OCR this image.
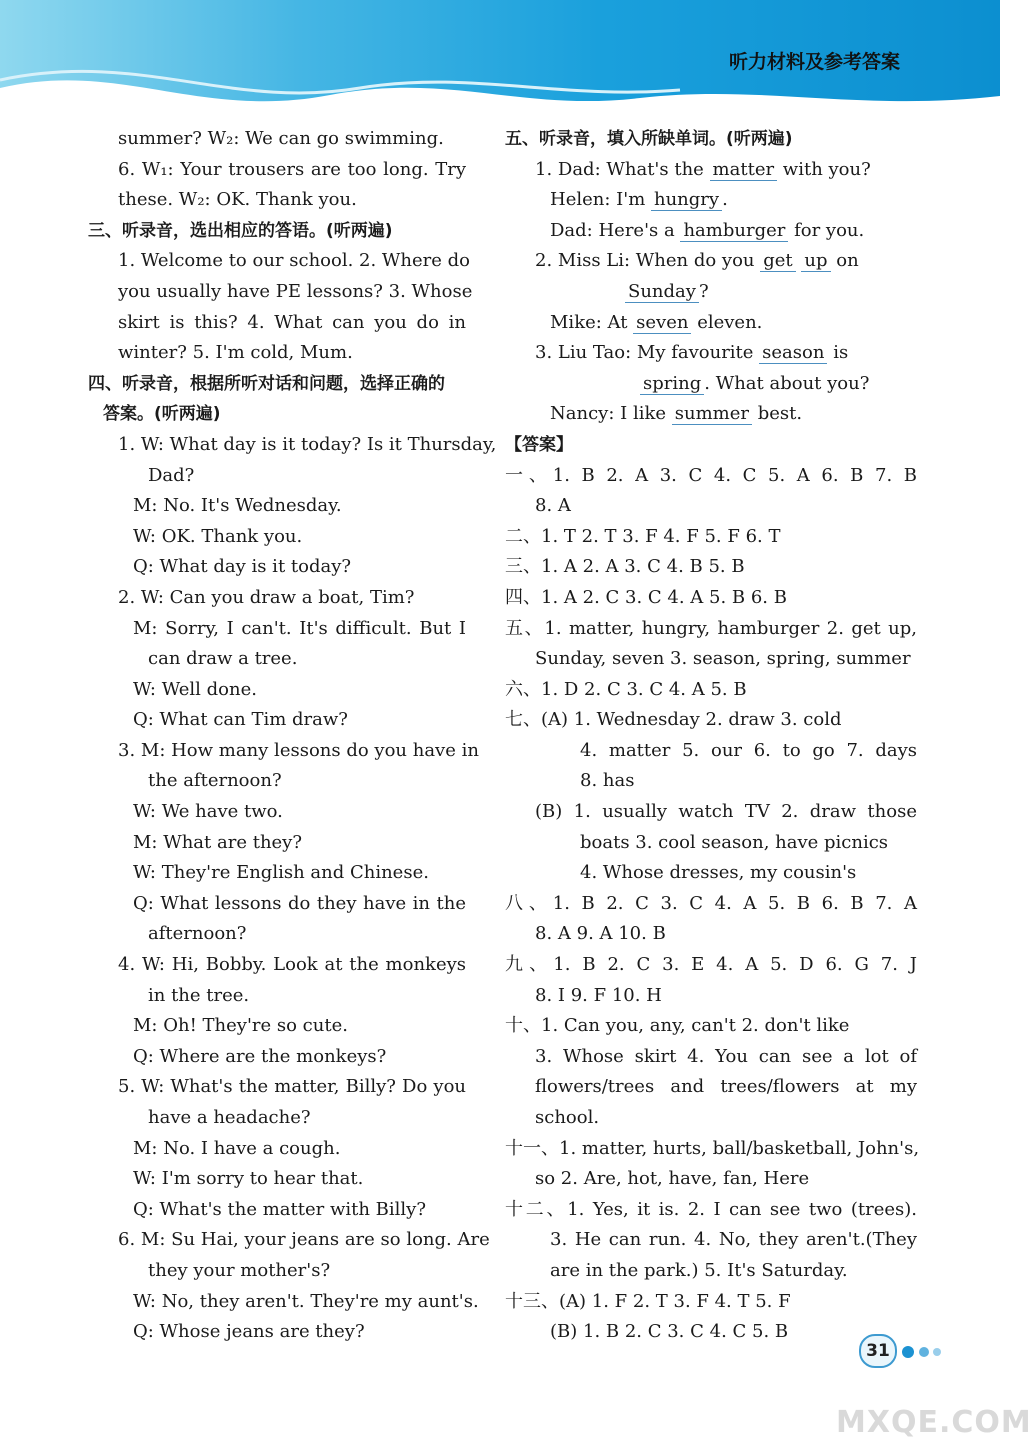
听力材料及参考答案
summer? W₂: We can go swimming.
6. W₁: Your trousers are too long. Try
these. W₂: OK. Thank you.
三、听录音，选出相应的答语。(听两遍)
1. Welcome to our school. 2. Where do
you usually have PE lessons? 3. Whose
skirt is this? 4. What can you do in
winter? 5. I'm cold, Mum.
四、听录音，根据所听对话和问题，选择正确的
答案。(听两遍)
1. W: What day is it today? Is it Thursday,
Dad?
M: No. It's Wednesday.
W: OK. Thank you.
Q: What day is it today?
2. W: Can you draw a boat, Tim?
M: Sorry, I can't. It's difficult. But I
can draw a tree.
W: Well done.
Q: What can Tim draw?
3. M: How many lessons do you have in
the afternoon?
W: We have two.
M: What are they?
W: They're English and Chinese.
Q: What lessons do they have in the
afternoon?
4. W: Hi, Bobby. Look at the monkeys
in the tree.
M: Oh! They're so cute.
Q: Where are the monkeys?
5. W: What's the matter, Billy? Do you
have a headache?
M: No. I have a cough.
W: I'm sorry to hear that.
Q: What's the matter with Billy?
6. M: Su Hai, your jeans are so long. Are
they your mother's?
W: No, they aren't. They're my aunt's.
Q: Whose jeans are they?
五、听录音，填入所缺单词。(听两遍)
1. Dad: What's the matter with you?
Helen: I'm hungry .
Dad: Here's a hamburger for you.
2. Miss Li: When do you get up on
Sunday ?
Mike: At seven eleven.
3. Liu Tao: My favourite season is
spring . What about you?
Nancy: I like summer best.
【答案】
一、1. B 2. A 3. C 4. C 5. A 6. B 7. B
8. A
二、1. T 2. T 3. F 4. F 5. F 6. T
三、1. A 2. A 3. C 4. B 5. B
四、1. A 2. C 3. C 4. A 5. B 6. B
五、1. matter, hungry, hamburger 2. get up,
Sunday, seven 3. season, spring, summer
六、1. D 2. C 3. C 4. A 5. B
七、(A) 1. Wednesday 2. draw 3. cold
4. matter 5. our 6. to go 7. days
8. has
(B) 1. usually watch TV 2. draw those
boats 3. cool season, have picnics
4. Whose dresses, my cousin's
八、1. B 2. C 3. C 4. A 5. B 6. B 7. A
8. A 9. A 10. B
九、1. B 2. C 3. E 4. A 5. D 6. G 7. J
8. I 9. F 10. H
十、1. Can you, any, can't 2. don't like
3. Whose skirt 4. You can see a lot of
flowers/trees and trees/flowers at my
school.
十一、1. matter, hurts, ball/basketball, John's,
so 2. Are, hot, have, fan, Here
十二、1. Yes, it is. 2. I can see two (trees).
3. He can run. 4. No, they aren't.(They
are in the park.) 5. It's Saturday.
十三、(A) 1. F 2. T 3. F 4. T 5. F
(B) 1. B 2. C 3. C 4. C 5. B
31
MXQE.COM
